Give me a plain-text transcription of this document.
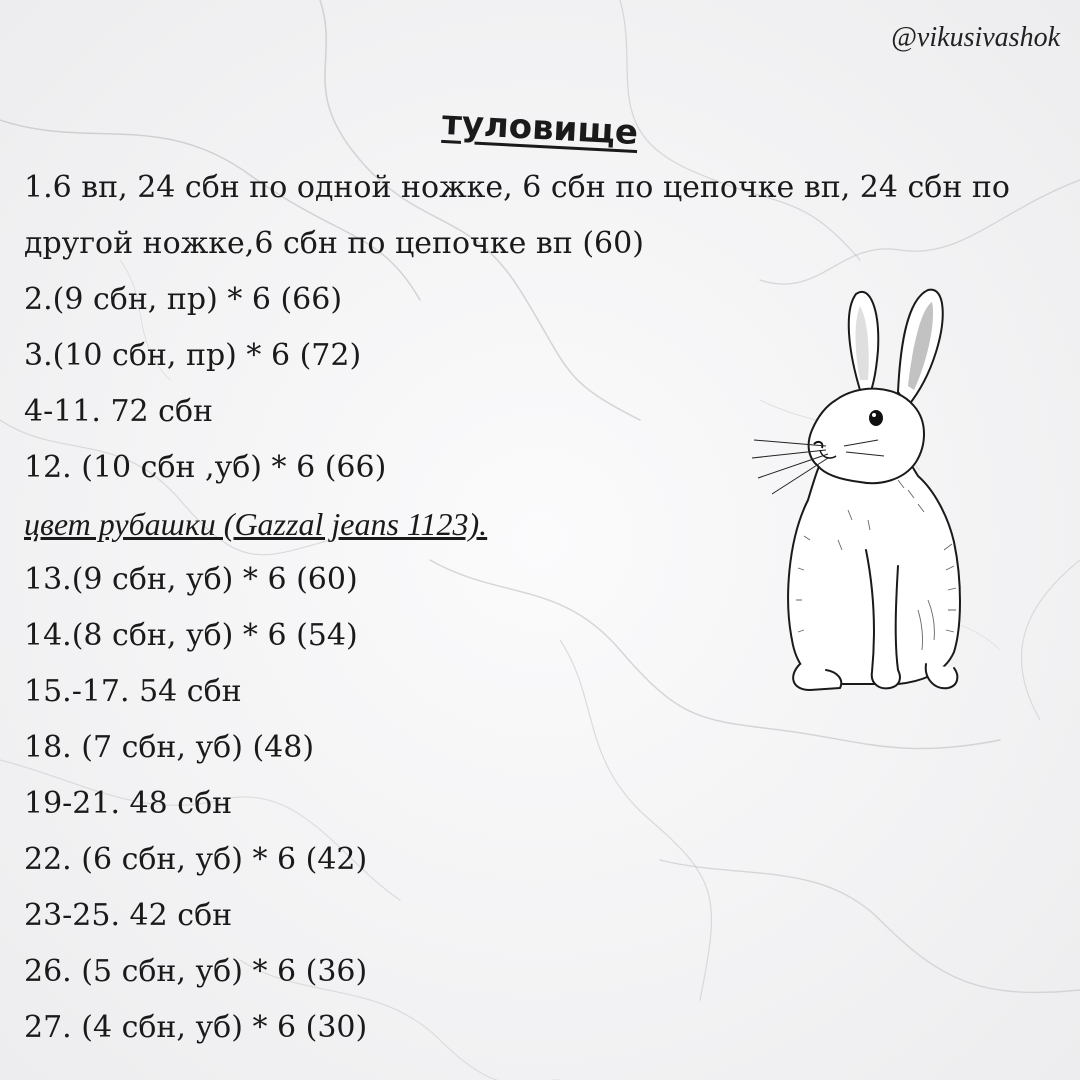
@vikusivashok
туловище
1.6 вп, 24 сбн по одной ножке, 6 сбн по цепочке вп, 24 сбн по
другой ножке,6 сбн по цепочке вп (60)
2.(9 сбн, пр) * 6 (66)
3.(10 сбн, пр) * 6 (72)
4-11. 72 сбн
12. (10 сбн ,уб) * 6 (66)
цвет рубашки (Gazzal jeans 1123).
13.(9 сбн, уб) * 6 (60)
14.(8 сбн, уб) * 6 (54)
15.-17. 54 сбн
18. (7 сбн, уб) (48)
19-21. 48 сбн
22. (6 сбн, уб) * 6 (42)
23-25. 42 сбн
26. (5 сбн, уб) * 6 (36)
27. (4 сбн, уб) * 6 (30)
